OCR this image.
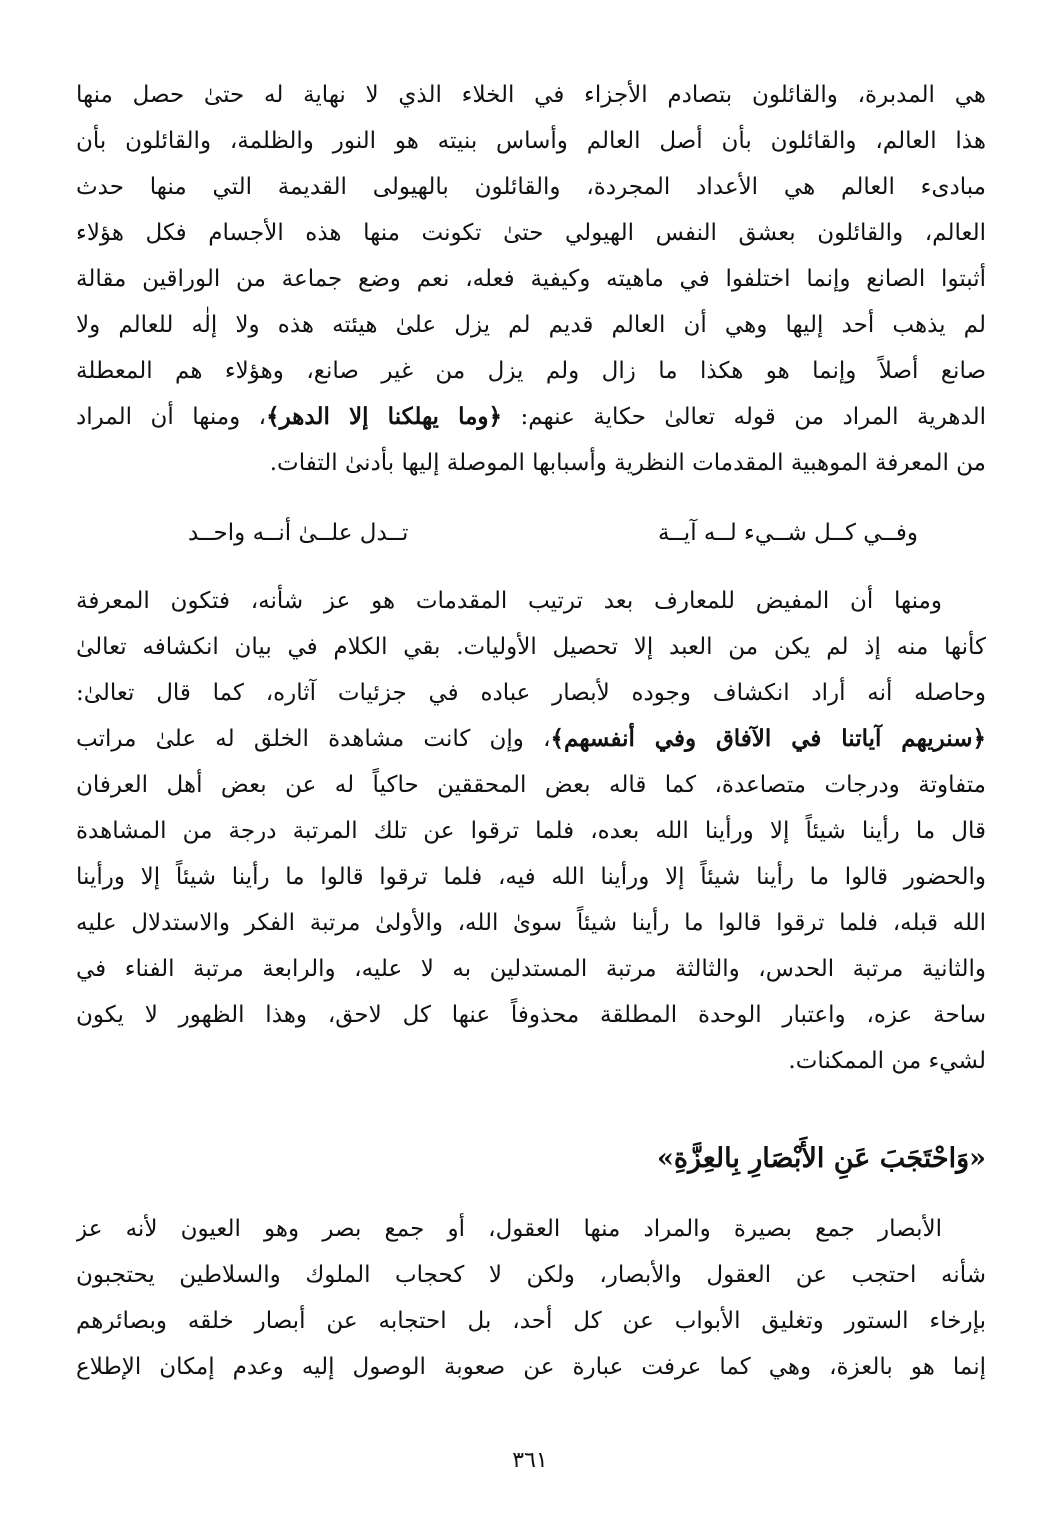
هي المدبرة، والقائلون بتصادم الأجزاء في الخلاء الذي لا نهاية له حتىٰ حصل منها
هذا العالم، والقائلون بأن أصل العالم وأساس بنيته هو النور والظلمة، والقائلون بأن
مبادىء العالم هي الأعداد المجردة، والقائلون بالهيولى القديمة التي منها حدث
العالم، والقائلون بعشق النفس الهيولي حتىٰ تكونت منها هذه الأجسام فكل هؤلاء
أثبتوا الصانع وإنما اختلفوا في ماهيته وكيفية فعله، نعم وضع جماعة من الوراقين مقالة
لم يذهب أحد إليها وهي أن العالم قديم لم يزل علىٰ هيئته هذه ولا إلٰه للعالم ولا
صانع أصلاً وإنما هو هكذا ما زال ولم يزل من غير صانع، وهؤلاء هم المعطلة
الدهرية المراد من قوله تعالىٰ حكاية عنهم: ﴿وما يهلكنا إلا الدهر﴾، ومنها أن المراد
من المعرفة الموهبية المقدمات النظرية وأسبابها الموصلة إليها بأدنىٰ التفات.
وفــي كــل شــيء لــه آيــة
تــدل علــىٰ أنــه واحــد
ومنها أن المفيض للمعارف بعد ترتيب المقدمات هو عز شأنه، فتكون المعرفة
كأنها منه إذ لم يكن من العبد إلا تحصيل الأوليات. بقي الكلام في بيان انكشافه تعالىٰ
وحاصله أنه أراد انكشاف وجوده لأبصار عباده في جزئيات آثاره، كما قال تعالىٰ:
﴿سنريهم آياتنا في الآفاق وفي أنفسهم﴾، وإن كانت مشاهدة الخلق له علىٰ مراتب
متفاوتة ودرجات متصاعدة، كما قاله بعض المحققين حاكياً له عن بعض أهل العرفان
قال ما رأينا شيئاً إلا ورأينا الله بعده، فلما ترقوا عن تلك المرتبة درجة من المشاهدة
والحضور قالوا ما رأينا شيئاً إلا ورأينا الله فيه، فلما ترقوا قالوا ما رأينا شيئاً إلا ورأينا
الله قبله، فلما ترقوا قالوا ما رأينا شيئاً سوىٰ الله، والأولىٰ مرتبة الفكر والاستدلال عليه
والثانية مرتبة الحدس، والثالثة مرتبة المستدلين به لا عليه، والرابعة مرتبة الفناء في
ساحة عزه، واعتبار الوحدة المطلقة محذوفاً عنها كل لاحق، وهذا الظهور لا يكون
لشيء من الممكنات.
«وَاحْتَجَبَ عَنِ الأَبْصَارِ بِالعِزَّةِ»
الأبصار جمع بصيرة والمراد منها العقول، أو جمع بصر وهو العيون لأنه عز
شأنه احتجب عن العقول والأبصار، ولكن لا كحجاب الملوك والسلاطين يحتجبون
بإرخاء الستور وتغليق الأبواب عن كل أحد، بل احتجابه عن أبصار خلقه وبصائرهم
إنما هو بالعزة، وهي كما عرفت عبارة عن صعوبة الوصول إليه وعدم إمكان الإطلاع
٣٦١
